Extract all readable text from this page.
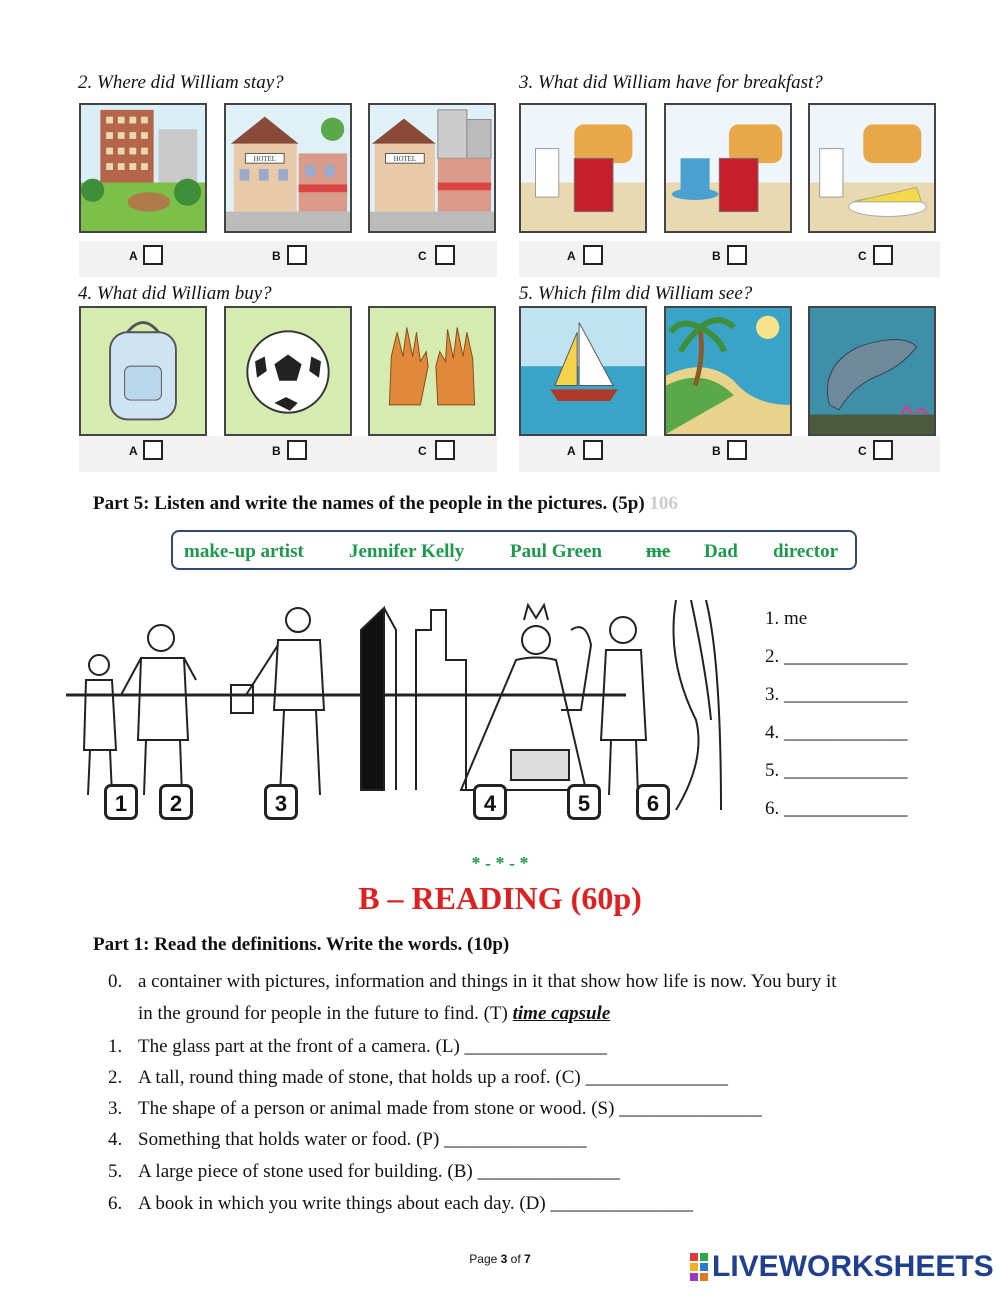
2. Where did William stay?
HOTEL	HOTEL
A	B	C
3. What did William have for breakfast?
A	B	C
4. What did William buy?
A	B	C
5. Which film did William see?
A	B	C
Part 5: Listen and write the names of the people in the pictures. (5p) 106
make-up artist Jennifer Kelly Paul Green me Dad director
1	2	3	4	5	6
1. me
2. _____________
3. _____________
4. _____________
5. _____________
6. _____________
* - * - *
B – READING (60p)
Part 1: Read the definitions. Write the words. (10p)
0. a container with pictures, information and things in it that show how life is now. You bury it
in the ground for people in the future to find. (T) time capsule
1. The glass part at the front of a camera. (L) _______________
2. A tall, round thing made of stone, that holds up a roof. (C) _______________
3. The shape of a person or animal made from stone or wood. (S) _______________
4. Something that holds water or food. (P) _______________
5. A large piece of stone used for building. (B) _______________
6. A book in which you write things about each day. (D) _______________
Page 3 of 7	LIVEWORKSHEETS
